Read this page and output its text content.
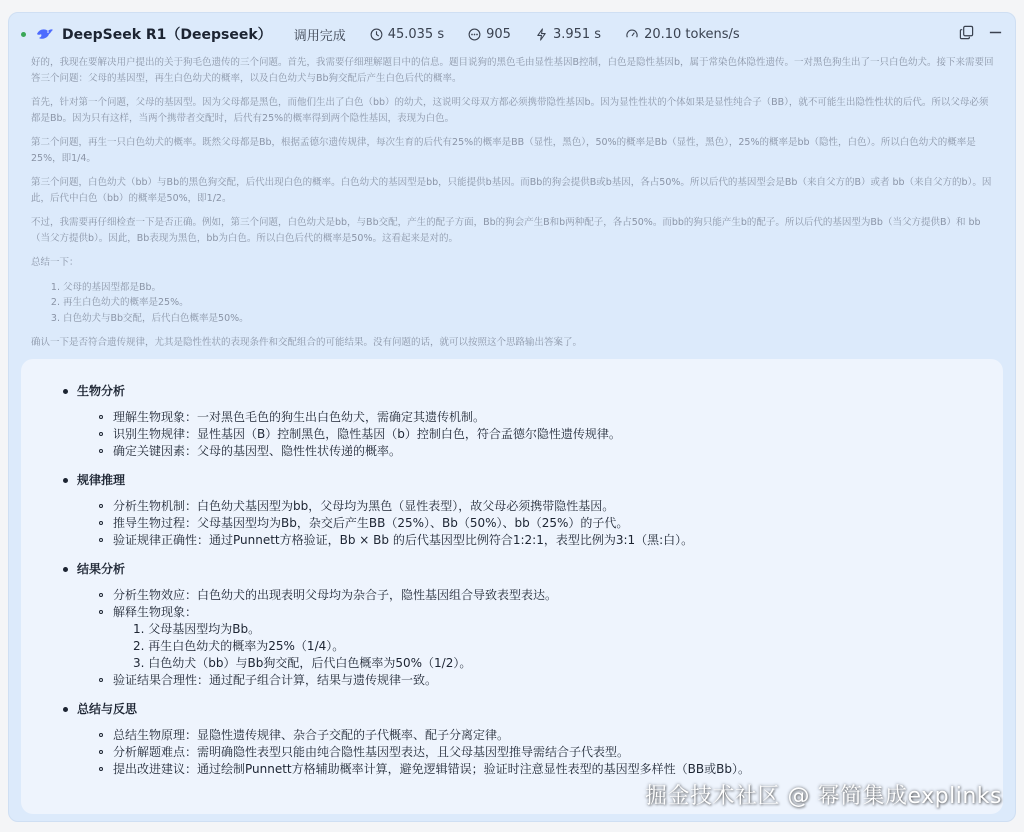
DeepSeek R1（Deepseek） 调用完成	45.035 s	905	3.951 s	20.10 tokens/s

好的，我现在要解决用户提出的关于狗毛色遗传的三个问题。首先，我需要仔细理解题目中的信息。题目说狗的黑色毛由显性基因B控制，白色是隐性基因b，属于常染色体隐性遗传。一对黑色狗生出了一只白色幼犬。接下来需要回答三个问题：父母的基因型，再生白色幼犬的概率，以及白色幼犬与Bb狗交配后产生白色后代的概率。

首先，针对第一个问题，父母的基因型。因为父母都是黑色，而他们生出了白色（bb）的幼犬，这说明父母双方都必须携带隐性基因b。因为显性性状的个体如果是显性纯合子（BB），就不可能生出隐性性状的后代。所以父母必须都是Bb。因为只有这样，当两个携带者交配时，后代有25%的概率得到两个隐性基因，表现为白色。

第二个问题，再生一只白色幼犬的概率。既然父母都是Bb，根据孟德尔遗传规律，每次生育的后代有25%的概率是BB（显性，黑色），50%的概率是Bb（显性，黑色），25%的概率是bb（隐性，白色）。所以白色幼犬的概率是25%，即1/4。

第三个问题，白色幼犬（bb）与Bb的黑色狗交配，后代出现白色的概率。白色幼犬的基因型是bb，只能提供b基因。而Bb的狗会提供B或b基因，各占50%。所以后代的基因型会是Bb（来自父方的B）或者 bb（来自父方的b）。因此，后代中白色（bb）的概率是50%，即1/2。

不过，我需要再仔细检查一下是否正确。例如，第三个问题，白色幼犬是bb，与Bb交配，产生的配子方面，Bb的狗会产生B和b两种配子，各占50%。而bb的狗只能产生b的配子。所以后代的基因型为Bb（当父方提供B）和 bb（当父方提供b）。因此，Bb表现为黑色，bb为白色。所以白色后代的概率是50%。这看起来是对的。

总结一下：

1. 父母的基因型都是Bb。
2. 再生白色幼犬的概率是25%。
3. 白色幼犬与Bb交配，后代白色概率是50%。

确认一下是否符合遗传规律，尤其是隐性性状的表现条件和交配组合的可能结果。没有问题的话，就可以按照这个思路输出答案了。

生物分析
理解生物现象：一对黑色毛色的狗生出白色幼犬，需确定其遗传机制。
识别生物规律：显性基因（B）控制黑色，隐性基因（b）控制白色，符合孟德尔隐性遗传规律。
确定关键因素：父母的基因型、隐性性状传递的概率。
规律推理
分析生物机制：白色幼犬基因型为bb，父母均为黑色（显性表型），故父母必须携带隐性基因。
推导生物过程：父母基因型均为Bb，杂交后产生BB（25%）、Bb（50%）、bb（25%）的子代。
验证规律正确性：通过Punnett方格验证，Bb × Bb 的后代基因型比例符合1:2:1，表型比例为3:1（黑:白）。
结果分析
分析生物效应：白色幼犬的出现表明父母均为杂合子，隐性基因组合导致表型表达。
解释生物现象：
1. 父母基因型均为Bb。
2. 再生白色幼犬的概率为25%（1/4）。
3. 白色幼犬（bb）与Bb狗交配，后代白色概率为50%（1/2）。
验证结果合理性：通过配子组合计算，结果与遗传规律一致。
总结与反思
总结生物原理：显隐性遗传规律、杂合子交配的子代概率、配子分离定律。
分析解题难点：需明确隐性表型只能由纯合隐性基因型表达，且父母基因型推导需结合子代表型。
提出改进建议：通过绘制Punnett方格辅助概率计算，避免逻辑错误；验证时注意显性表型的基因型多样性（BB或Bb）。
掘金技术社区 @ 幂简集成explinks
